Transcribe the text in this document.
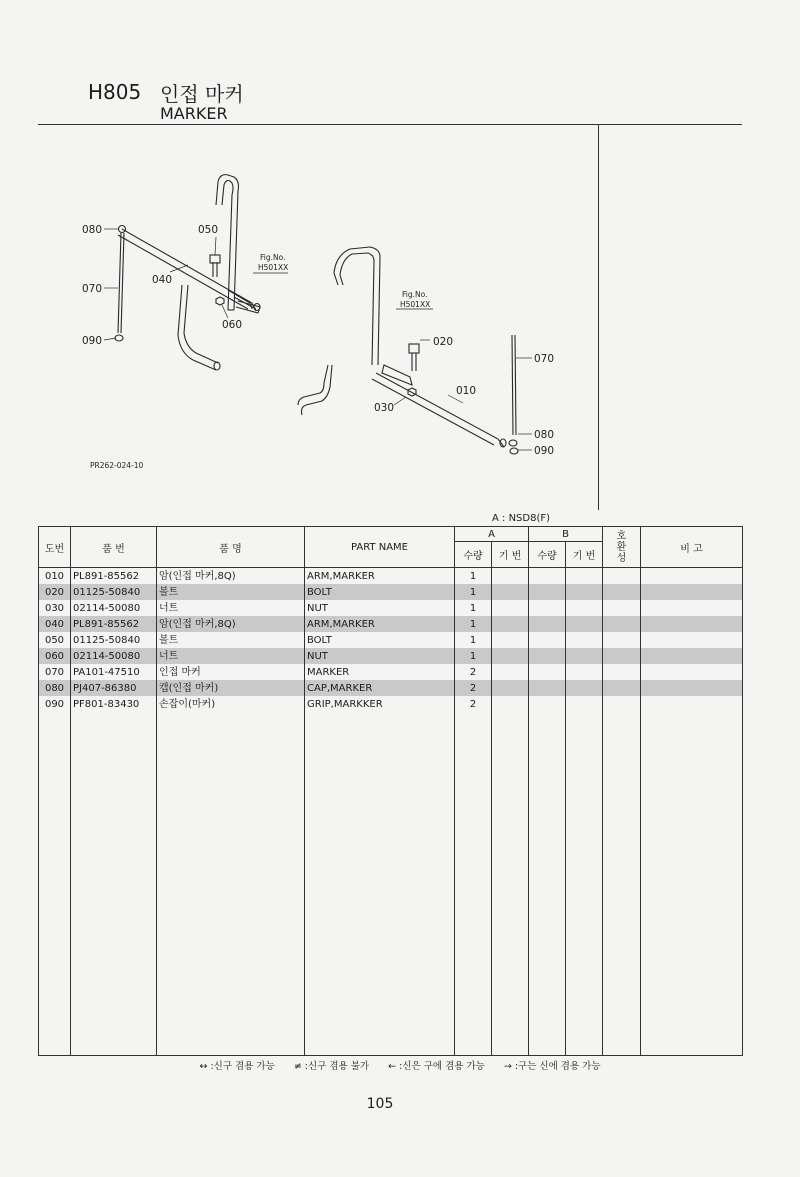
H805 인접 마커
MARKER
080	050
040
070
060
090
Fig.No.
H501XX
Fig.No.
H501XX
020
070
010
030
080
090
PR262-024-10
A : NSD8(F)
도번	품 번	품 명	PART NAME	A		B		호환성	비 고
				수량	기 번	수량	기 번		
010	PL891-85562	암(인접 마커,8Q)	ARM,MARKER	1					
020	01125-50840	볼트	BOLT	1					
030	02114-50080	너트	NUT	1					
040	PL891-85562	암(인접 마커,8Q)	ARM,MARKER	1					
050	01125-50840	볼트	BOLT	1					
060	02114-50080	너트	NUT	1					
070	PA101-47510	인접 마커	MARKER	2					
080	PJ407-86380	캡(인접 마커)	CAP,MARKER	2					
090	PF801-83430	손잡이(마커)	GRIP,MARKKER	2					

↔ :신구 겸용 가능 ≠ :신구 겸용 불가 ← :신은 구에 겸용 가능 → :구는 신에 겸용 가능
105
